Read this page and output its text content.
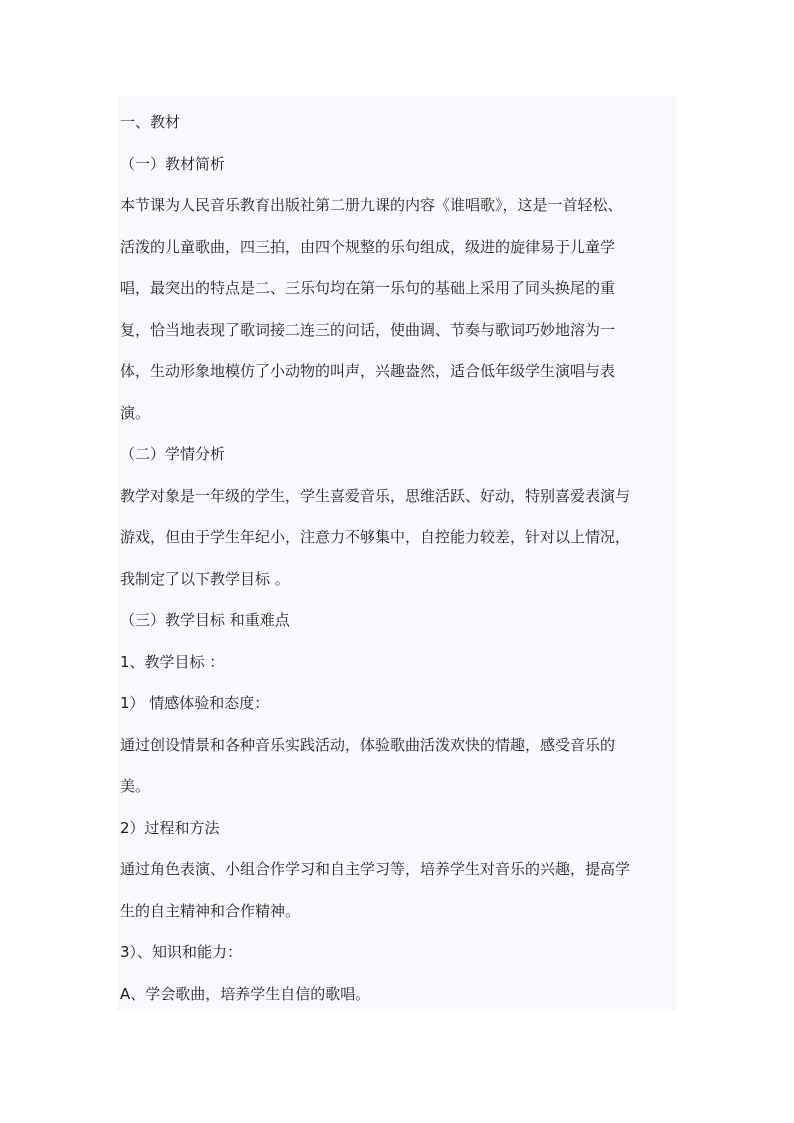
一、教材
（一）教材简析
本节课为人民音乐教育出版社第二册九课的内容《谁唱歌》，这是一首轻松、
活泼的儿童歌曲，四三拍，由四个规整的乐句组成，级进的旋律易于儿童学
唱，最突出的特点是二、三乐句均在第一乐句的基础上采用了同头换尾的重
复，恰当地表现了歌词接二连三的问话，使曲调、节奏与歌词巧妙地溶为一
体，生动形象地模仿了小动物的叫声，兴趣盎然，适合低年级学生演唱与表
演。
（二）学情分析
教学对象是一年级的学生，学生喜爱音乐，思维活跃、好动，特别喜爱表演与
游戏，但由于学生年纪小，注意力不够集中，自控能力较差，针对以上情况，
我制定了以下教学目标 。
（三）教学目标 和重难点
1、教学目标 ：
1） 情感体验和态度：
通过创设情景和各种音乐实践活动，体验歌曲活泼欢快的情趣，感受音乐的
美。
2）过程和方法
通过角色表演、小组合作学习和自主学习等，培养学生对音乐的兴趣，提高学
生的自主精神和合作精神。
3）、知识和能力：
A、学会歌曲，培养学生自信的歌唱。
